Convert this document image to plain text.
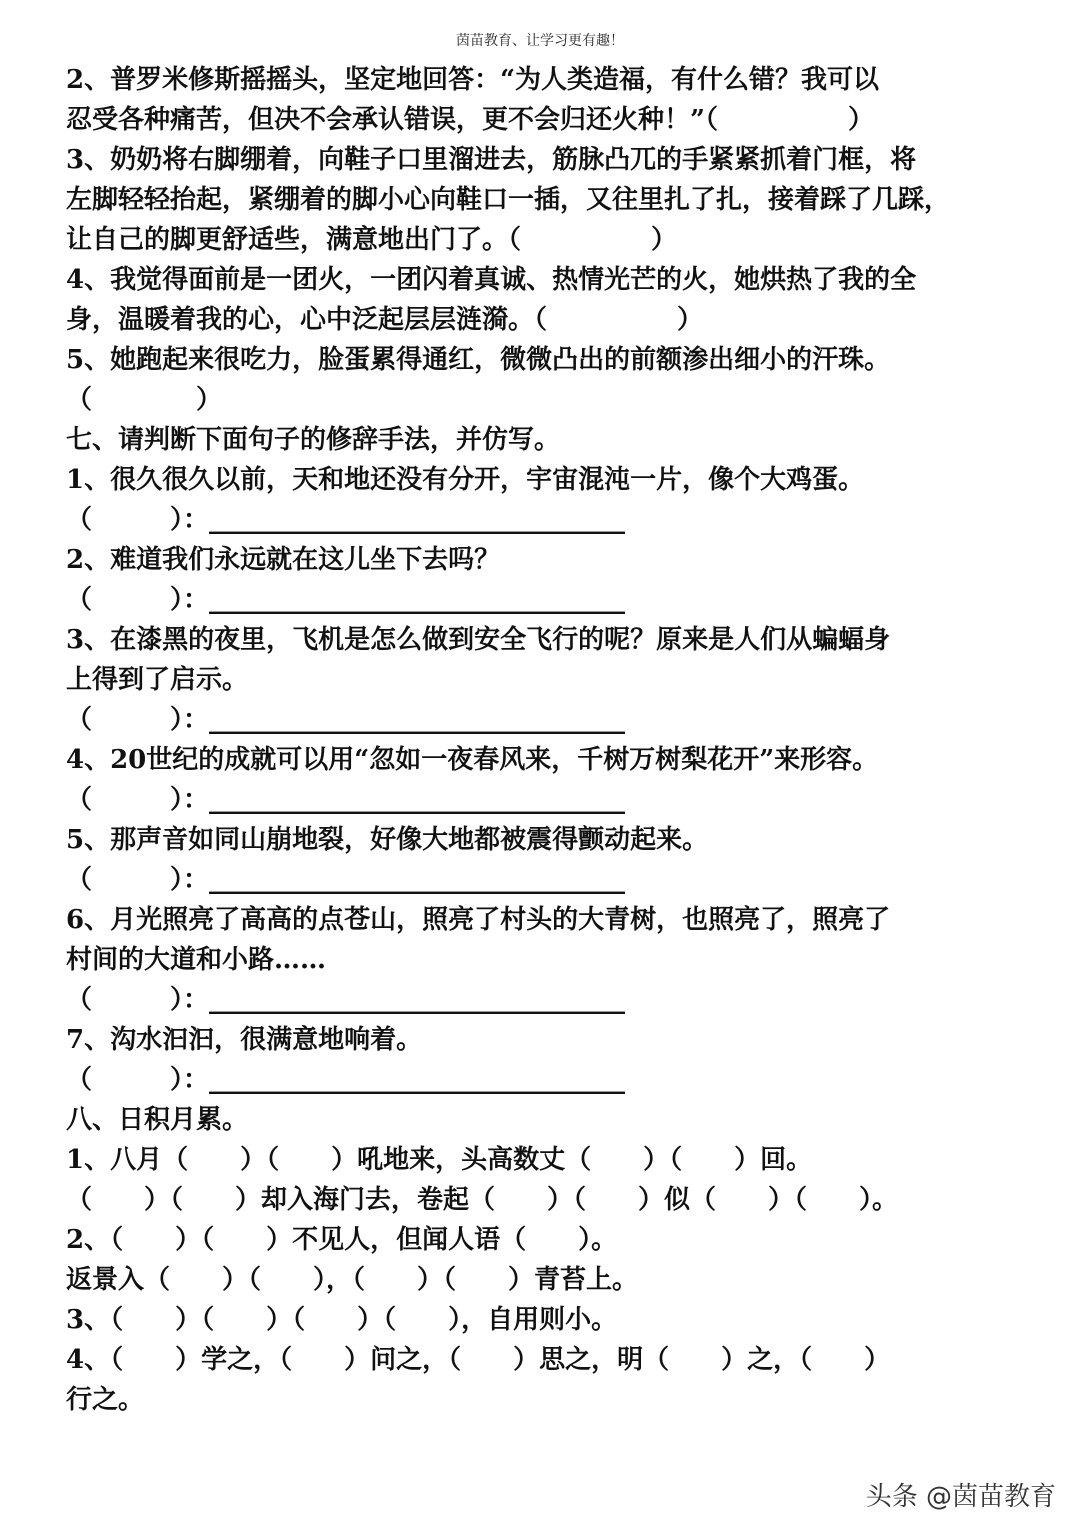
茵苗教育、让学习更有趣！
2、普罗米修斯摇摇头，坚定地回答：“为人类造福，有什么错？我可以
忍受各种痛苦，但决不会承认错误，更不会归还火种！”（　　　　　）
3、奶奶将右脚绷着，向鞋子口里溜进去，筋脉凸兀的手紧紧抓着门框，将
左脚轻轻抬起，紧绷着的脚小心向鞋口一插，又往里扎了扎，接着踩了几踩，
让自己的脚更舒适些，满意地出门了。（　　　　　）
4、我觉得面前是一团火，一团闪着真诚、热情光芒的火，她烘热了我的全
身，温暖着我的心，心中泛起层层涟漪。（　　　　　）
5、她跑起来很吃力，脸蛋累得通红，微微凸出的前额渗出细小的汗珠。
（　　　　）
七、请判断下面句子的修辞手法，并仿写。
1、很久很久以前，天和地还没有分开，宇宙混沌一片，像个大鸡蛋。
（　　　）：________________________________
2、难道我们永远就在这儿坐下去吗？
（　　　）：________________________________
3、在漆黑的夜里，飞机是怎么做到安全飞行的呢？原来是人们从蝙蝠身
上得到了启示。
（　　　）：________________________________
4、20世纪的成就可以用“忽如一夜春风来，千树万树梨花开”来形容。
（　　　）：________________________________
5、那声音如同山崩地裂，好像大地都被震得颤动起来。
（　　　）：________________________________
6、月光照亮了高高的点苍山，照亮了村头的大青树，也照亮了，照亮了
村间的大道和小路……
（　　　）：________________________________
7、沟水汩汩，很满意地响着。
（　　　）：________________________________
八、日积月累。
1、八月（　　）（　　）吼地来，头高数丈（　　）（　　）回。
（　　）（　　）却入海门去，卷起（　　）（　　）似（　　）（　　）。
2、（　　）（　　）不见人，但闻人语（　　）。
返景入（　　）（　　），（　　）（　　）青苔上。
3、（　　）（　　）（　　）（　　），自用则小。
4、（　　）学之，（　　）问之，（　　）思之，明（　　）之，（　　）
行之。
头条 @茵苗教育
